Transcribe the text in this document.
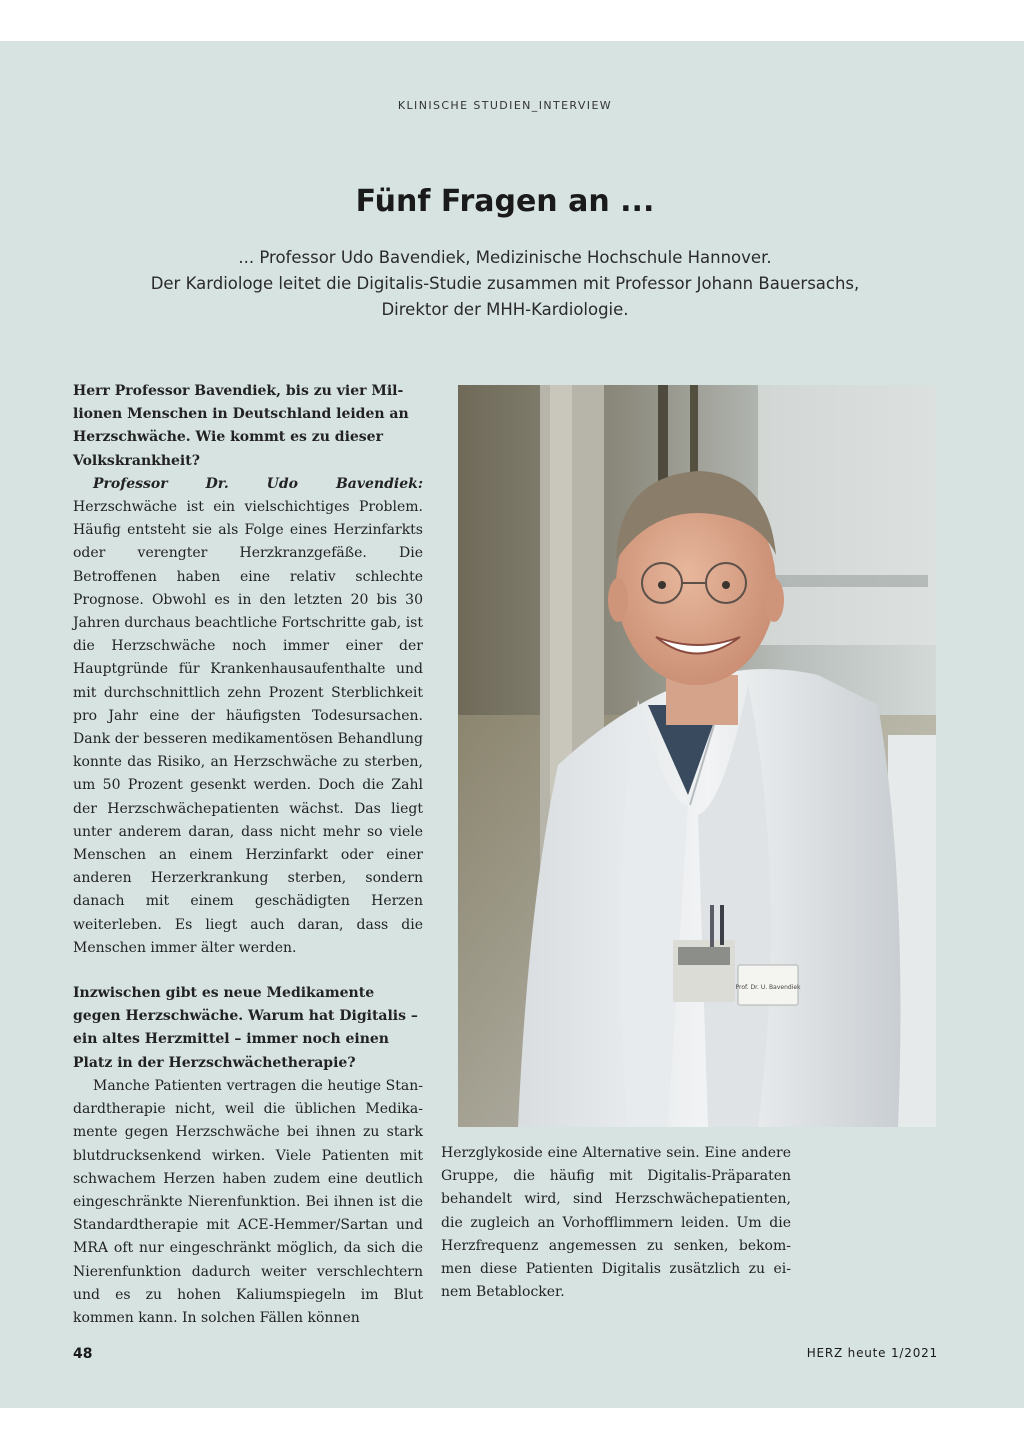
KLINISCHE STUDIEN_INTERVIEW
Fünf Fragen an ...
... Professor Udo Bavendiek, Medizinische Hochschule Hannover.
Der Kardiologe leitet die Digitalis-Studie zusammen mit Professor Johann Bauersachs,
Direktor der MHH-Kardiologie.

Herr Professor Bavendiek, bis zu vier Millionen Menschen in Deutschland leiden an Herzschwäche. Wie kommt es zu dieser Volkskrankheit?

Professor Dr. Udo Bavendiek: Herzschwäche ist ein vielschichtiges Problem. Häufig entsteht sie als Folge eines Herzinfarkts oder verengter Herzkranzgefäße. Die Betroffenen haben eine relativ schlechte Prognose. Obwohl es in den letzten 20 bis 30 Jahren durchaus beachtliche Fortschritte gab, ist die Herzschwäche noch immer einer der Hauptgründe für Krankenhausaufenthalte und mit durchschnittlich zehn Prozent Sterblichkeit pro Jahr eine der häufigsten Todesursachen. Dank der besseren medikamentösen Behandlung konnte das Risiko, an Herzschwäche zu sterben, um 50 Prozent gesenkt werden. Doch die Zahl der Herzschwächepatienten wächst. Das liegt unter anderem daran, dass nicht mehr so viele Menschen an einem Herzinfarkt oder einer anderen Herzerkrankung sterben, sondern danach mit einem geschädigten Herzen weiterleben. Es liegt auch daran, dass die Menschen immer älter werden.

Inzwischen gibt es neue Medikamente gegen Herzschwäche. Warum hat Digitalis – ein altes Herzmittel – immer noch einen Platz in der Herzschwächetherapie?

Manche Patienten vertragen die heutige Standardtherapie nicht, weil die üblichen Medikamente gegen Herzschwäche bei ihnen zu stark blutdrucksenkend wirken. Viele Patienten mit schwachem Herzen haben zudem eine deutlich eingeschränkte Nierenfunktion. Bei ihnen ist die Standardtherapie mit ACE-Hemmer/Sartan und MRA oft nur eingeschränkt möglich, da sich die Nierenfunktion dadurch weiter verschlechtern und es zu hohen Kaliumspiegeln im Blut kommen kann. In solchen Fällen können

Prof. Dr. U. Bavendiek

Herzglykoside eine Alternative sein. Eine andere Gruppe, die häufig mit Digitalis-Präparaten behandelt wird, sind Herzschwächepatienten, die zugleich an Vorhofflimmern leiden. Um die Herzfrequenz angemessen zu senken, bekommen diese Patienten Digitalis zusätzlich zu einem Betablocker.

48	HERZ heute 1/2021
